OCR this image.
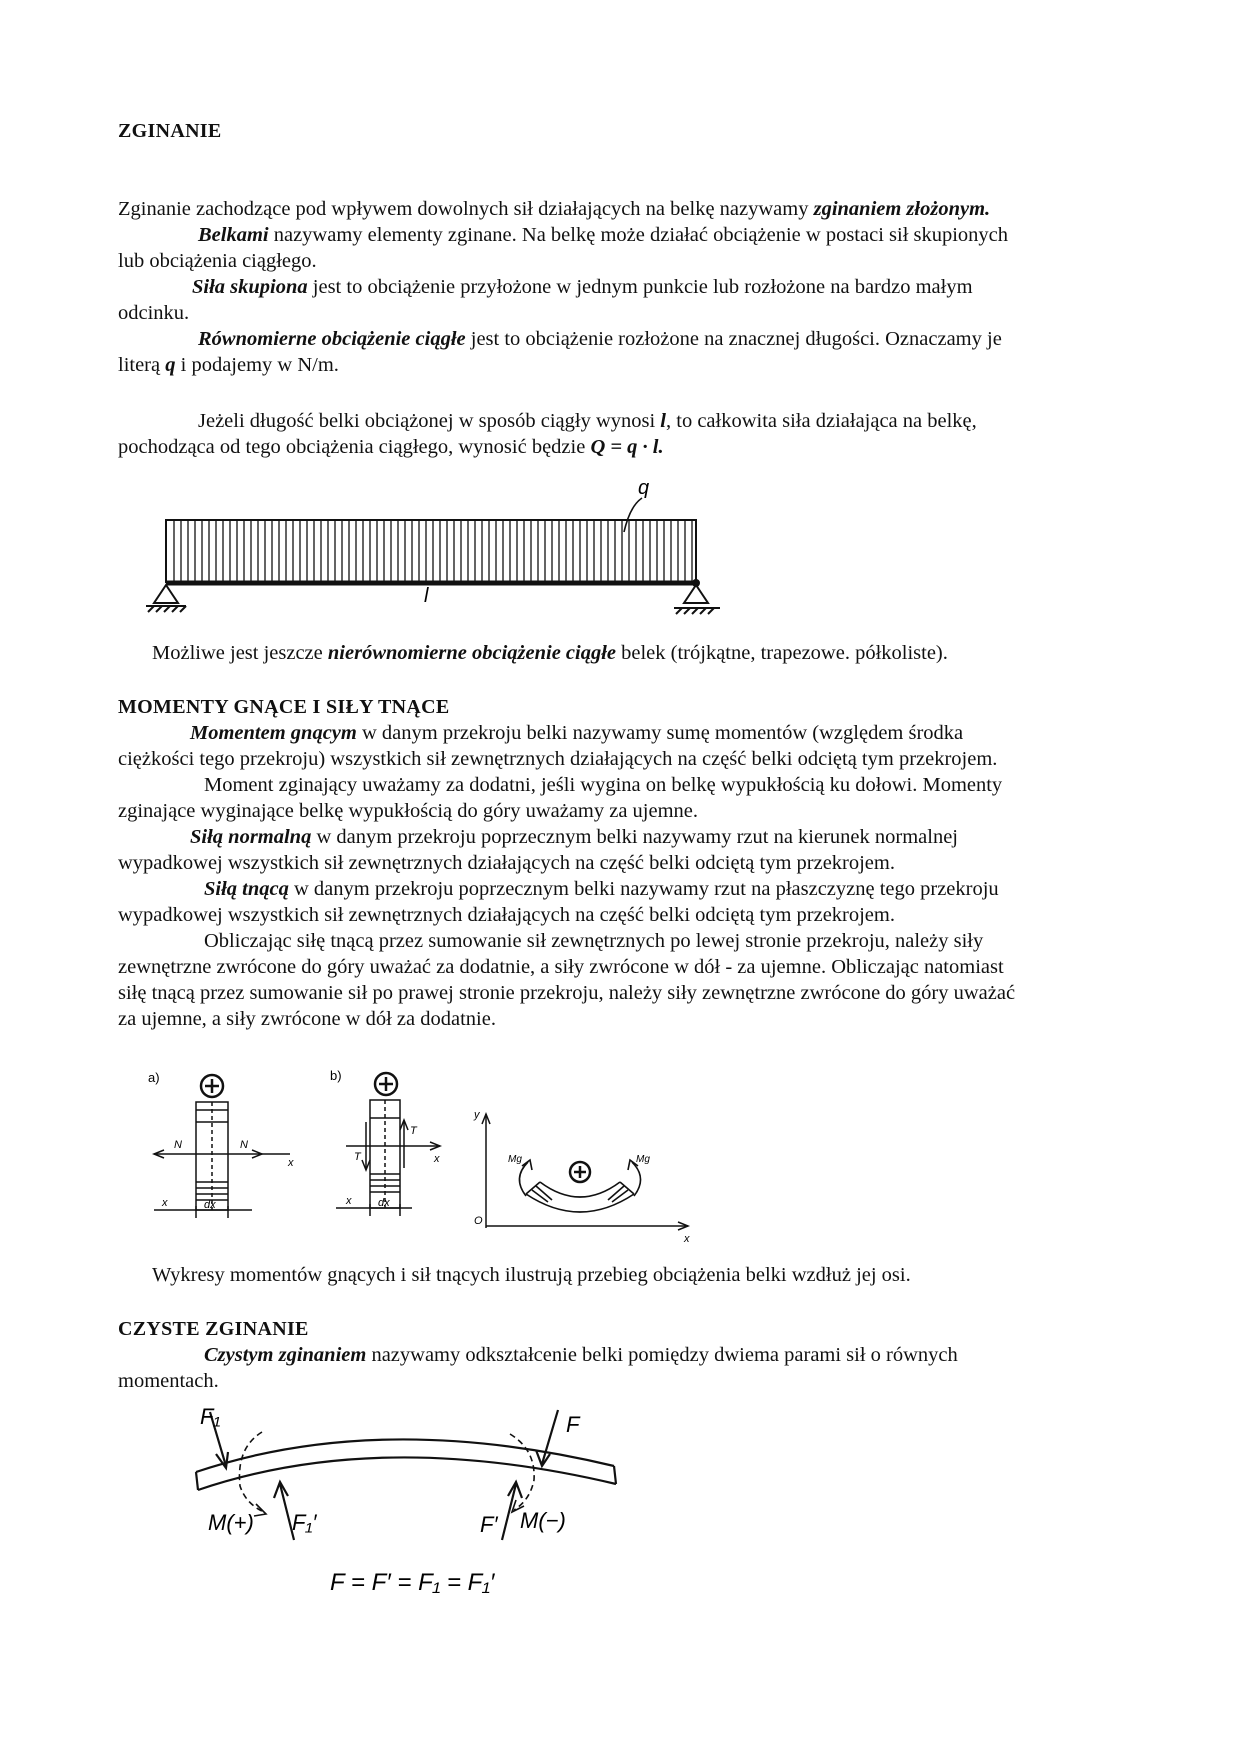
ZGINANIE
Zginanie zachodzące pod wpływem dowolnych sił działających na belkę nazywamy zginaniem złożonym.
Belkami nazywamy elementy zginane. Na belkę może działać obciążenie w postaci sił skupionych
lub obciążenia ciągłego.
Siła skupiona jest to obciążenie przyłożone w jednym punkcie lub rozłożone na bardzo małym
odcinku.
Równomierne obciążenie ciągłe jest to obciążenie rozłożone na znacznej długości. Oznaczamy je
literą q i podajemy w N/m.
Jeżeli długość belki obciążonej w sposób ciągły wynosi l, to całkowita siła działająca na belkę,
pochodząca od tego obciążenia ciągłego, wynosić będzie Q = q · l.
q
l
Możliwe jest jeszcze nierównomierne obciążenie ciągłe belek (trójkątne, trapezowe. półkoliste).
MOMENTY GNĄCE I SIŁY TNĄCE
Momentem gnącym w danym przekroju belki nazywamy sumę momentów (względem środka
ciężkości tego przekroju) wszystkich sił zewnętrznych działających na część belki odciętą tym przekrojem.
Moment zginający uważamy za dodatni, jeśli wygina on belkę wypukłością ku dołowi. Momenty
zginające wyginające belkę wypukłością do góry uważamy za ujemne.
Siłą normalną w danym przekroju poprzecznym belki nazywamy rzut na kierunek normalnej
wypadkowej wszystkich sił zewnętrznych działających na część belki odciętą tym przekrojem.
Siłą tnącą w danym przekroju poprzecznym belki nazywamy rzut na płaszczyznę tego przekroju
wypadkowej wszystkich sił zewnętrznych działających na część belki odciętą tym przekrojem.
Obliczając siłę tnącą przez sumowanie sił zewnętrznych po lewej stronie przekroju, należy siły
zewnętrzne zwrócone do góry uważać za dodatnie, a siły zwrócone w dół - za ujemne. Obliczając natomiast
siłę tnącą przez sumowanie sił po prawej stronie przekroju, należy siły zewnętrzne zwrócone do góry uważać
za ujemne, a siły zwrócone w dół za dodatnie.
a)
N	N
x
x	dx
b)
T
T
x
x dx
y
O
x
Mg	Mg
Wykresy momentów gnących i sił tnących ilustrują przebieg obciążenia belki wzdłuż jej osi.
CZYSTE ZGINANIE
Czystym zginaniem nazywamy odkształcenie belki pomiędzy dwiema parami sił o równych
momentach.
F₁
F₁′
F
F′
M(+)	M(−)
F = F′ = F₁ = F₁′
